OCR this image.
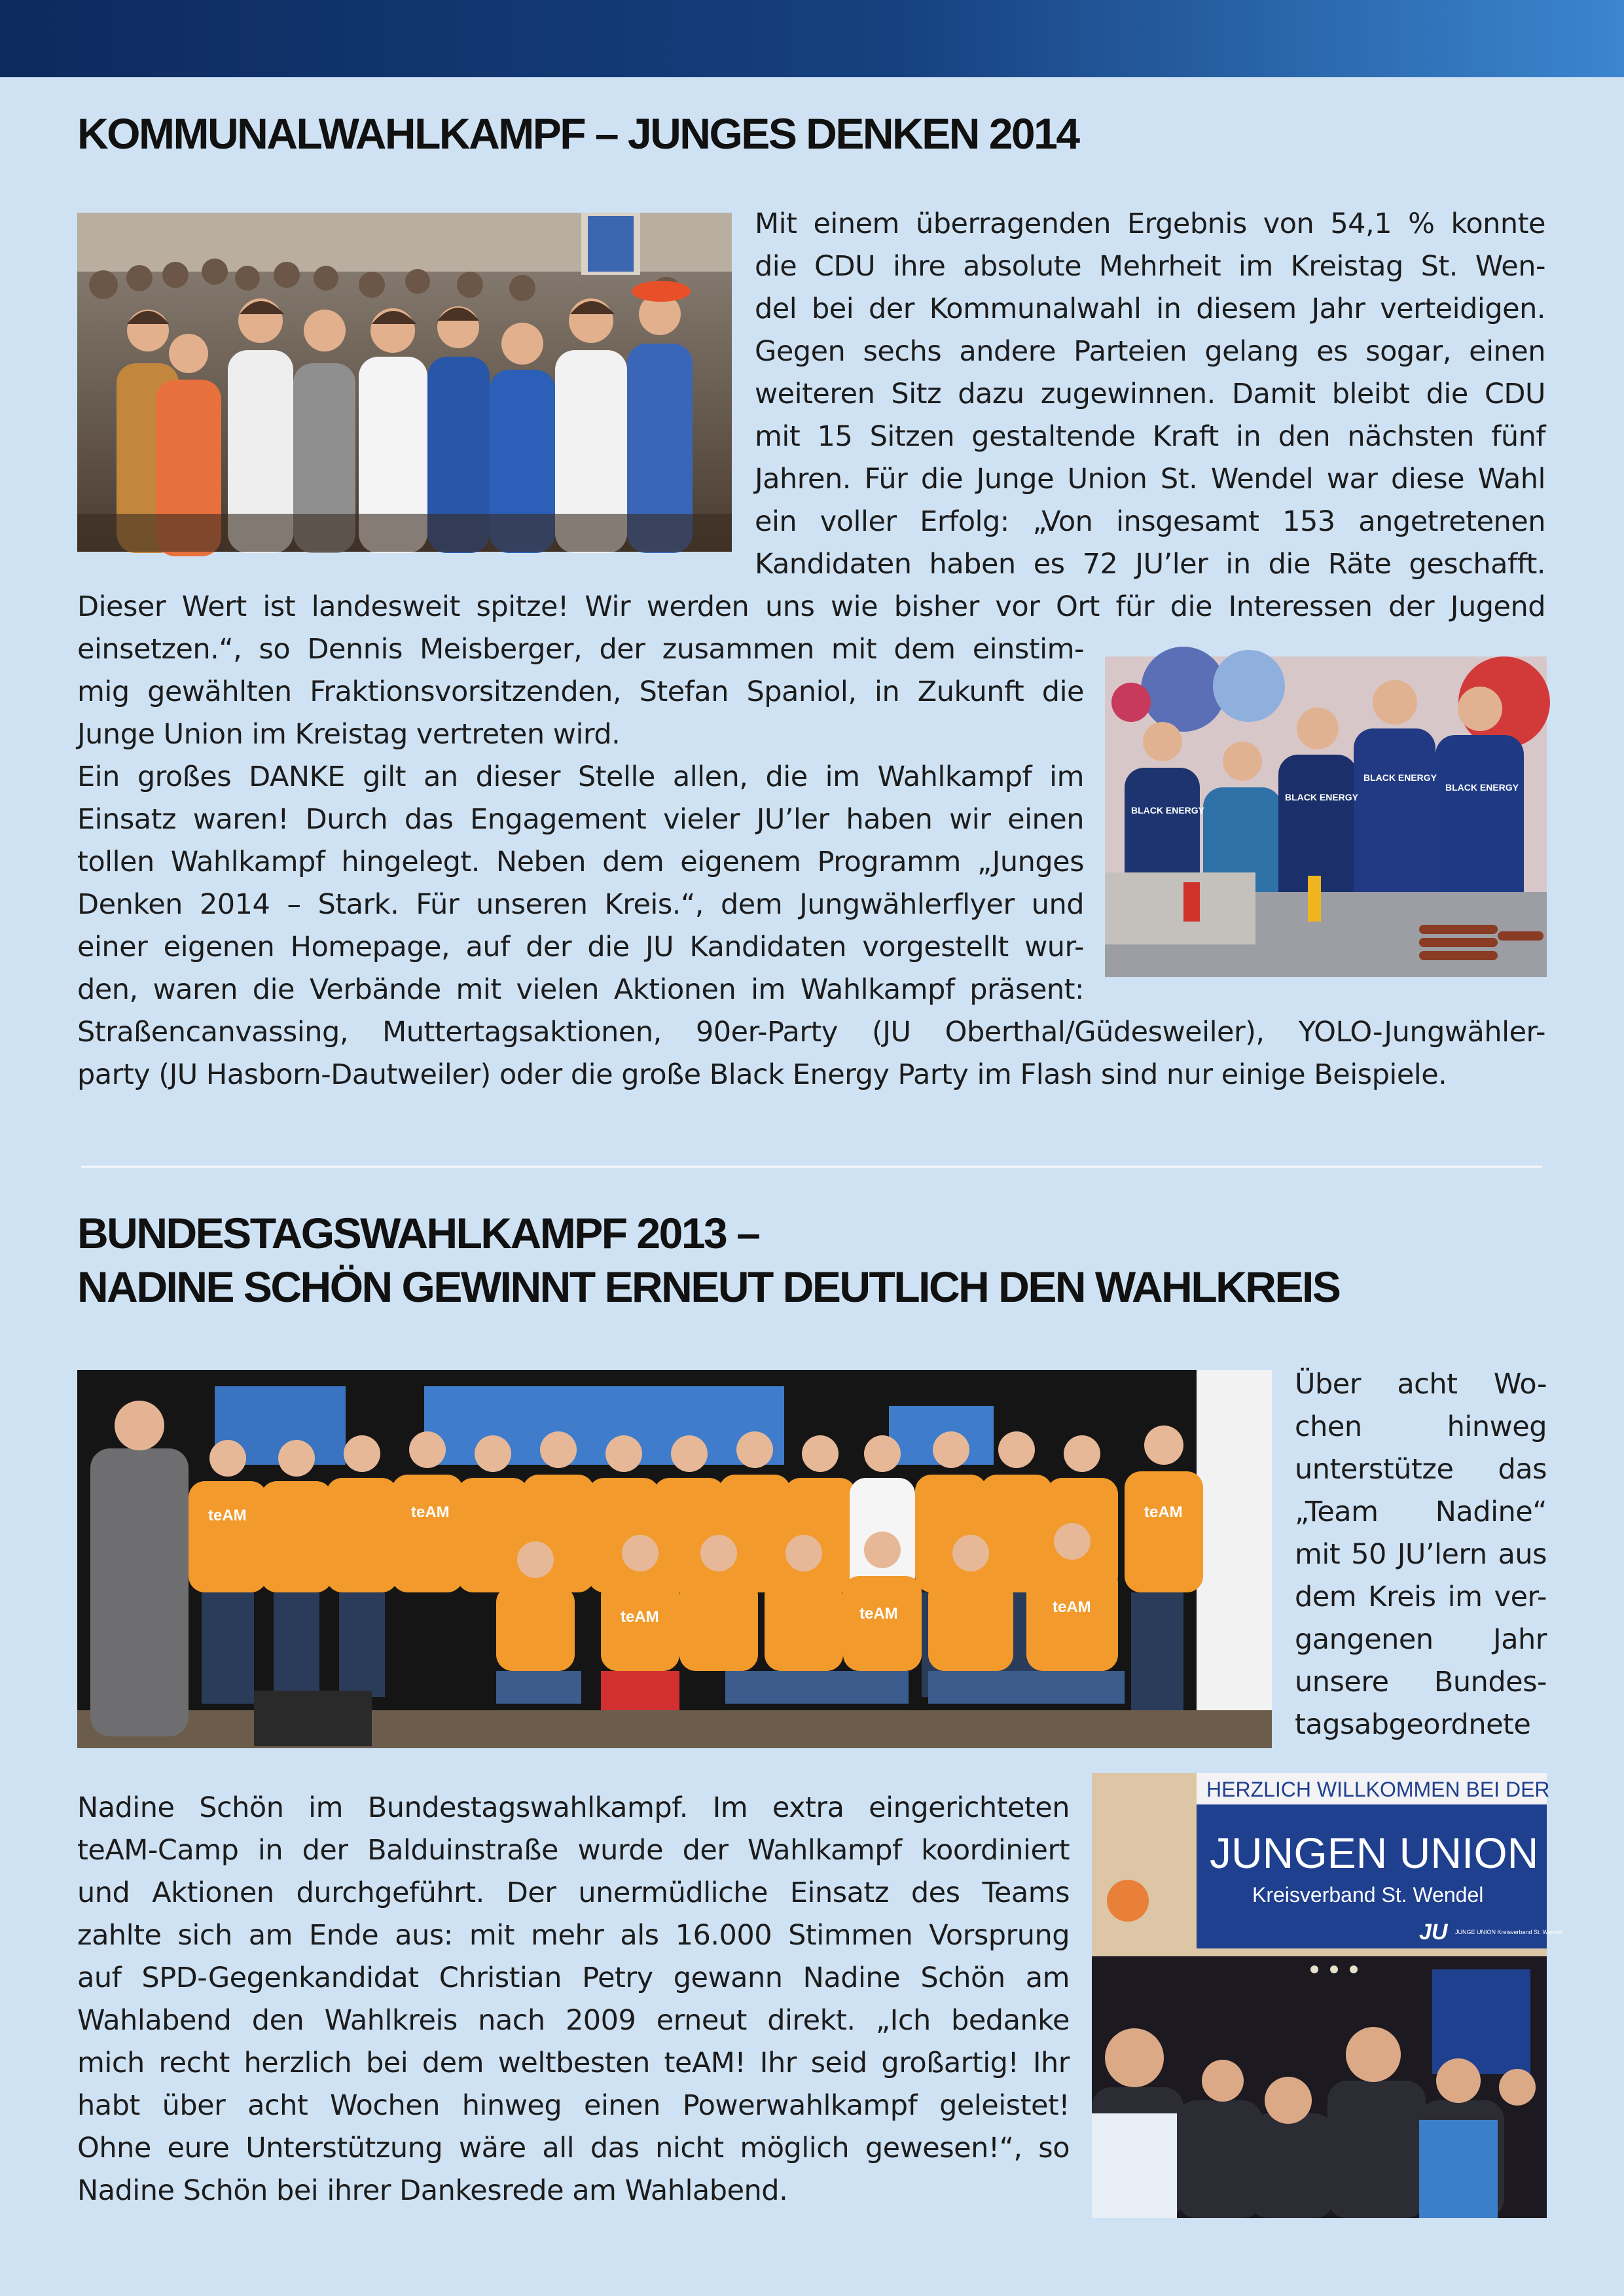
KOMMUNALWAHLKAMPF – JUNGES DENKEN 2014

Mit einem überragenden Ergebnis von 54,1 % konnte

die CDU ihre absolute Mehrheit im Kreistag St. Wen-

del bei der Kommunalwahl in diesem Jahr verteidigen.

Gegen sechs andere Parteien gelang es sogar, einen

weiteren Sitz dazu zugewinnen. Damit bleibt die CDU

mit 15 Sitzen gestaltende Kraft in den nächsten fünf

Jahren. Für die Junge Union St. Wendel war diese Wahl

ein voller Erfolg: „Von insgesamt 153 angetretenen

Kandidaten haben es 72 JU’ler in die Räte geschafft.

Dieser Wert ist landesweit spitze! Wir werden uns wie bisher vor Ort für die Interessen der Jugend

einsetzen.“, so Dennis Meisberger, der zusammen mit dem einstim-

mig gewählten Fraktionsvorsitzenden, Stefan Spaniol, in Zukunft die

Junge Union im Kreistag vertreten wird.

Ein großes DANKE gilt an dieser Stelle allen, die im Wahlkampf im

Einsatz waren! Durch das Engagement vieler JU’ler haben wir einen

tollen Wahlkampf hingelegt. Neben dem eigenem Programm „Junges

Denken 2014 – Stark. Für unseren Kreis.“, dem Jungwählerflyer und

einer eigenen Homepage, auf der die JU Kandidaten vorgestellt wur-

den, waren die Verbände mit vielen Aktionen im Wahlkampf präsent:

Straßencanvassing, Muttertagsaktionen, 90er-Party (JU Oberthal/Güdesweiler), YOLO-Jungwähler-

party (JU Hasborn-Dautweiler) oder die große Black Energy Party im Flash sind nur einige Beispiele.

BLACK ENERGY
BLACK ENERGY
BLACK ENERGY
BLACK ENERGY
BUNDESTAGSWAHLKAMPF 2013 –
NADINE SCHÖN GEWINNT ERNEUT DEUTLICH DEN WAHLKREIS
teAM	teAM
teAM	teAM	teAM
teAM

Über acht Wo-

chen hinweg

unterstütze das

„Team Nadine“

mit 50 JU’lern aus

dem Kreis im ver-

gangenen Jahr

unsere Bundes-

tagsabgeordnete

Nadine Schön im Bundestagswahlkampf. Im extra eingerichteten

teAM-Camp in der Balduinstraße wurde der Wahlkampf koordiniert

und Aktionen durchgeführt. Der unermüdliche Einsatz des Teams

zahlte sich am Ende aus: mit mehr als 16.000 Stimmen Vorsprung

auf SPD-Gegenkandidat Christian Petry gewann Nadine Schön am

Wahlabend den Wahlkreis nach 2009 erneut direkt. „Ich bedanke

mich recht herzlich bei dem weltbesten teAM! Ihr seid großartig! Ihr

habt über acht Wochen hinweg einen Powerwahlkampf geleistet!

Ohne eure Unterstützung wäre all das nicht möglich gewesen!“, so

Nadine Schön bei ihrer Dankesrede am Wahlabend.

HERZLICH WILLKOMMEN BEI DER
JUNGEN UNION
Kreisverband St. Wendel
JU JUNGE UNION Kreisverband St. Wendel
